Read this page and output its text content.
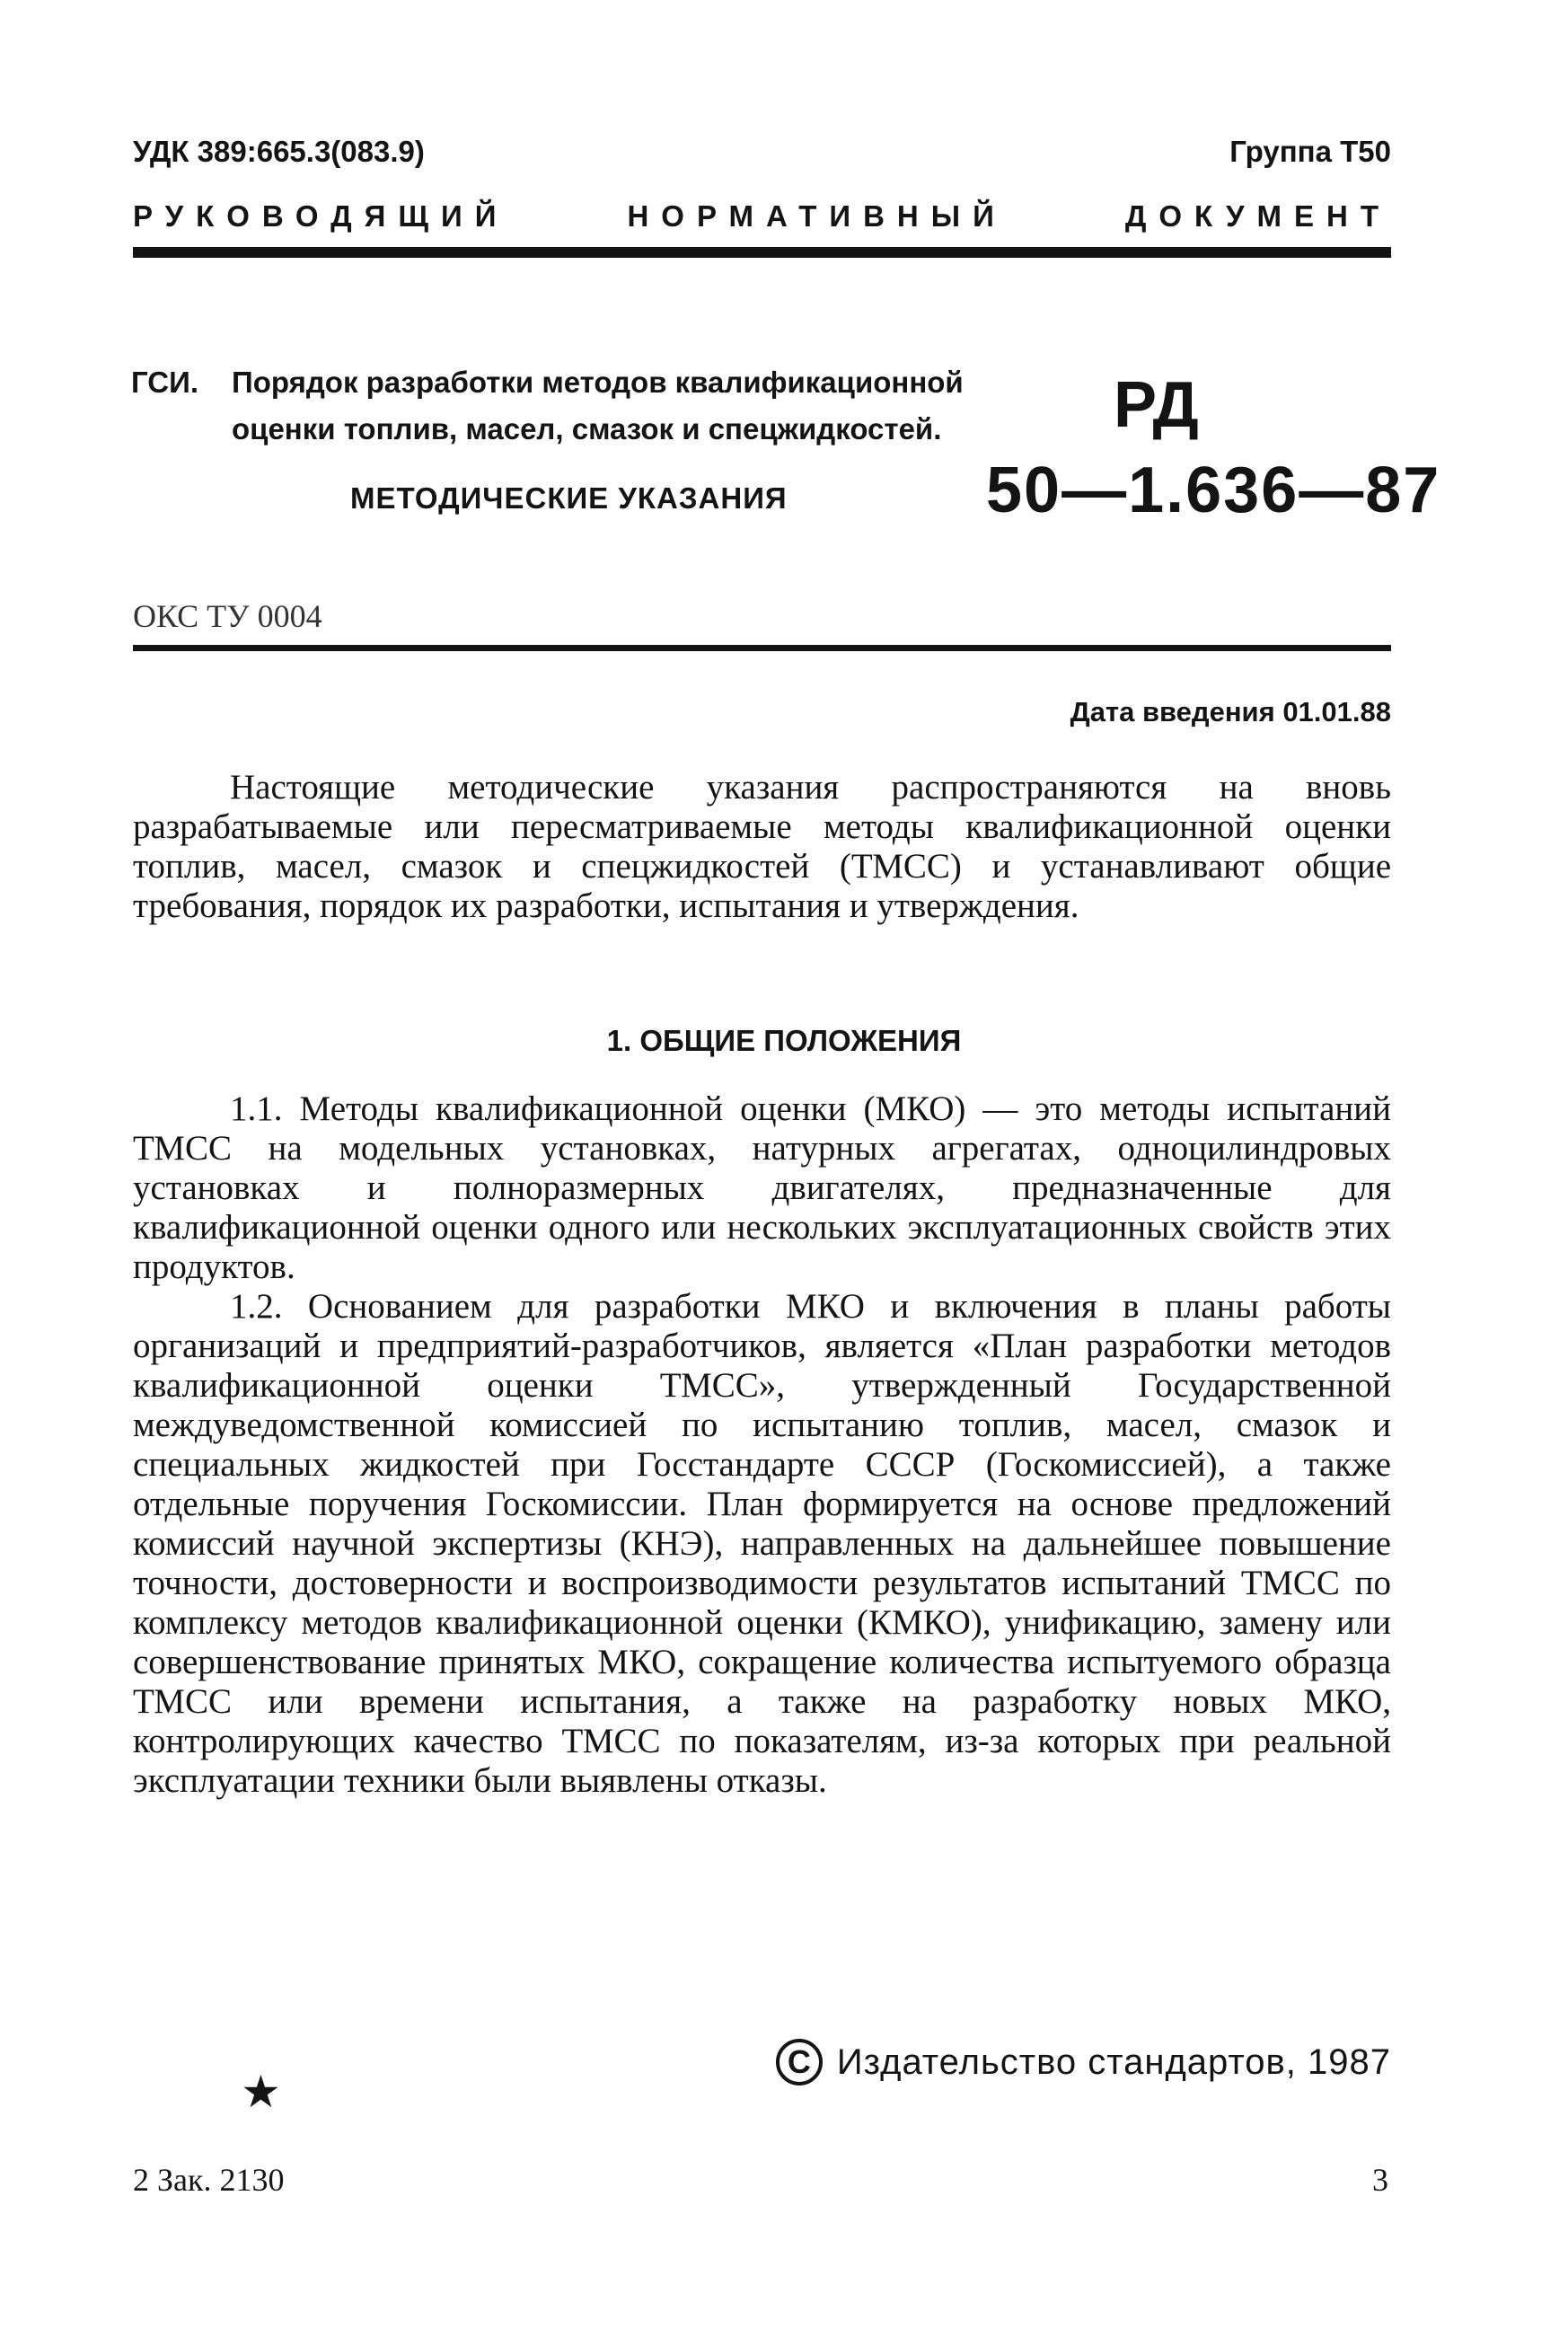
УДК 389:665.3(083.9)	Группа Т50
РУКОВОДЯЩИЙ	НОРМАТИВНЫЙ	ДОКУМЕНТ
ГСИ. Порядок разработки методов квалификационной
оценки топлив, масел, смазок и спецжидкостей.	РД
50—1.636—87
МЕТОДИЧЕСКИЕ УКАЗАНИЯ
ОКС ТУ 0004
Дата введения 01.01.88

Настоящие методические указания распространяются на вновь разрабатываемые или пересматриваемые методы квалификационной оценки топлив, масел, смазок и спецжидкостей (ТМСС) и устанавливают общие требования, порядок их разработки, испытания и утверждения.

1. ОБЩИЕ ПОЛОЖЕНИЯ

1.1. Методы квалификационной оценки (МКО) — это методы испытаний ТМСС на модельных установках, натурных агрегатах, одноцилиндровых установках и полноразмерных двигателях, предназначенные для квалификационной оценки одного или нескольких эксплуатационных свойств этих продуктов.

1.2. Основанием для разработки МКО и включения в планы работы организаций и предприятий-разработчиков, является «План разработки методов квалификационной оценки ТМСС», утвержденный Государственной междуведомственной комиссией по испытанию топлив, масел, смазок и специальных жидкостей при Госстандарте СССР (Госкомиссией), а также отдельные поручения Госкомиссии. План формируется на основе предложений комиссий научной экспертизы (КНЭ), направленных на дальнейшее повышение точности, достоверности и воспроизводимости результатов испытаний ТМСС по комплексу методов квалификационной оценки (КМКО), унификацию, замену или совершенствование принятых МКО, сокращение количества испытуемого образца ТМСС или времени испытания, а также на разработку новых МКО, контролирующих качество ТМСС по показателям, из-за которых при реальной эксплуатации техники были выявлены отказы.

C Издательство стандартов, 1987
★
2 Зак. 2130	3
